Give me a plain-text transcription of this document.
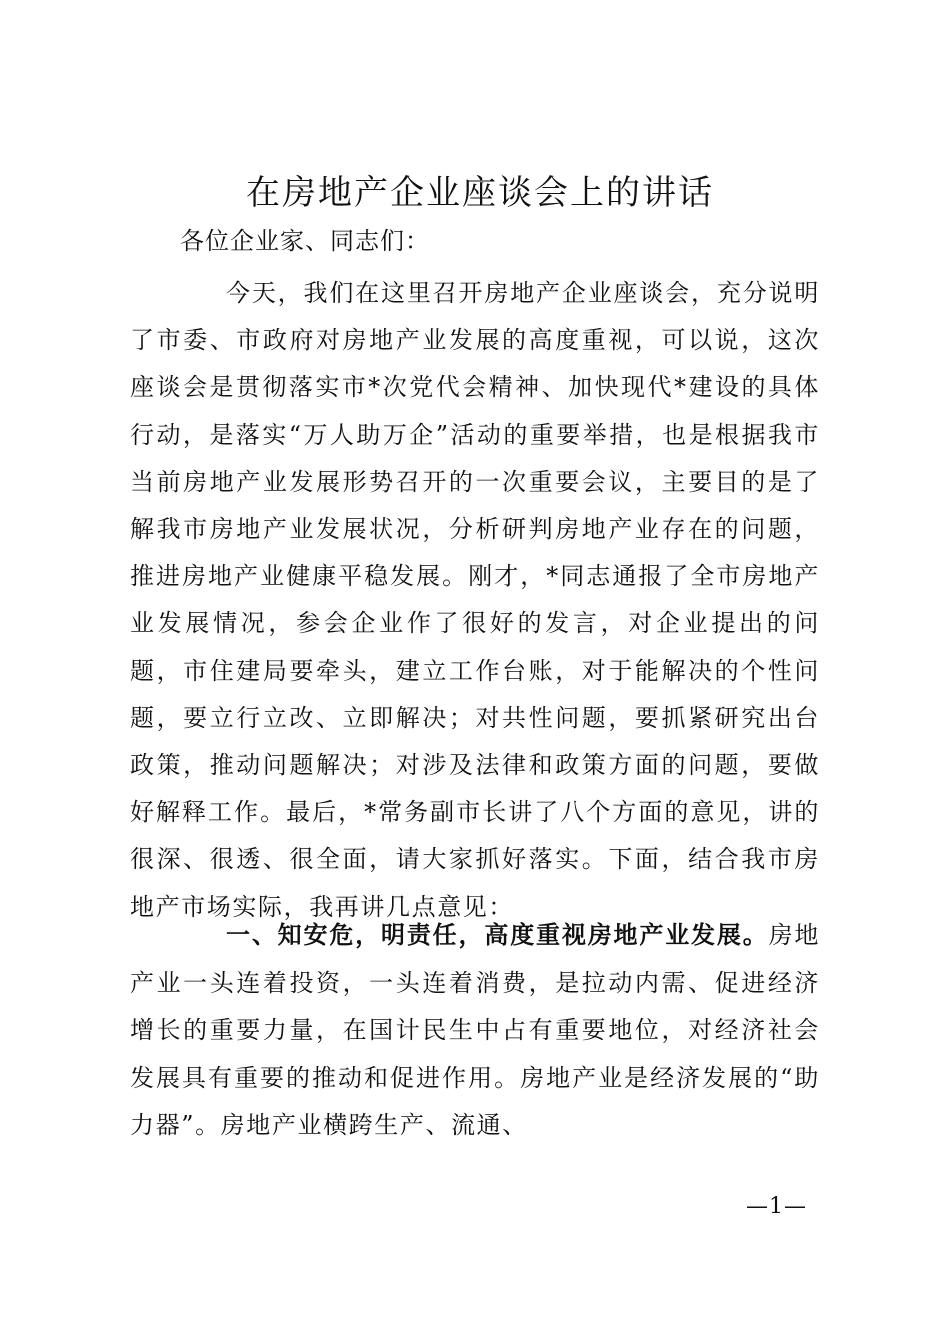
在房地产企业座谈会上的讲话
各位企业家、同志们：

今天，我们在这里召开房地产企业座谈会，充分说明了市委、市政府对房地产业发展的高度重视，可以说，这次座谈会是贯彻落实市*次党代会精神、加快现代*建设的具体行动，是落实“万人助万企”活动的重要举措，也是根据我市当前房地产业发展形势召开的一次重要会议，主要目的是了解我市房地产业发展状况，分析研判房地产业存在的问题，推进房地产业健康平稳发展。刚才，*同志通报了全市房地产业发展情况，参会企业作了很好的发言，对企业提出的问题，市住建局要牵头，建立工作台账，对于能解决的个性问题，要立行立改、立即解决；对共性问题，要抓紧研究出台政策，推动问题解决；对涉及法律和政策方面的问题，要做好解释工作。最后，*常务副市长讲了八个方面的意见，讲的很深、很透、很全面，请大家抓好落实。下面，结合我市房地产市场实际，我再讲几点意见：

一、知安危，明责任，高度重视房地产业发展。房地产业一头连着投资，一头连着消费，是拉动内需、促进经济增长的重要力量，在国计民生中占有重要地位，对经济社会发展具有重要的推动和促进作用。房地产业是经济发展的“助力器”。房地产业横跨生产、流通、

—1—
